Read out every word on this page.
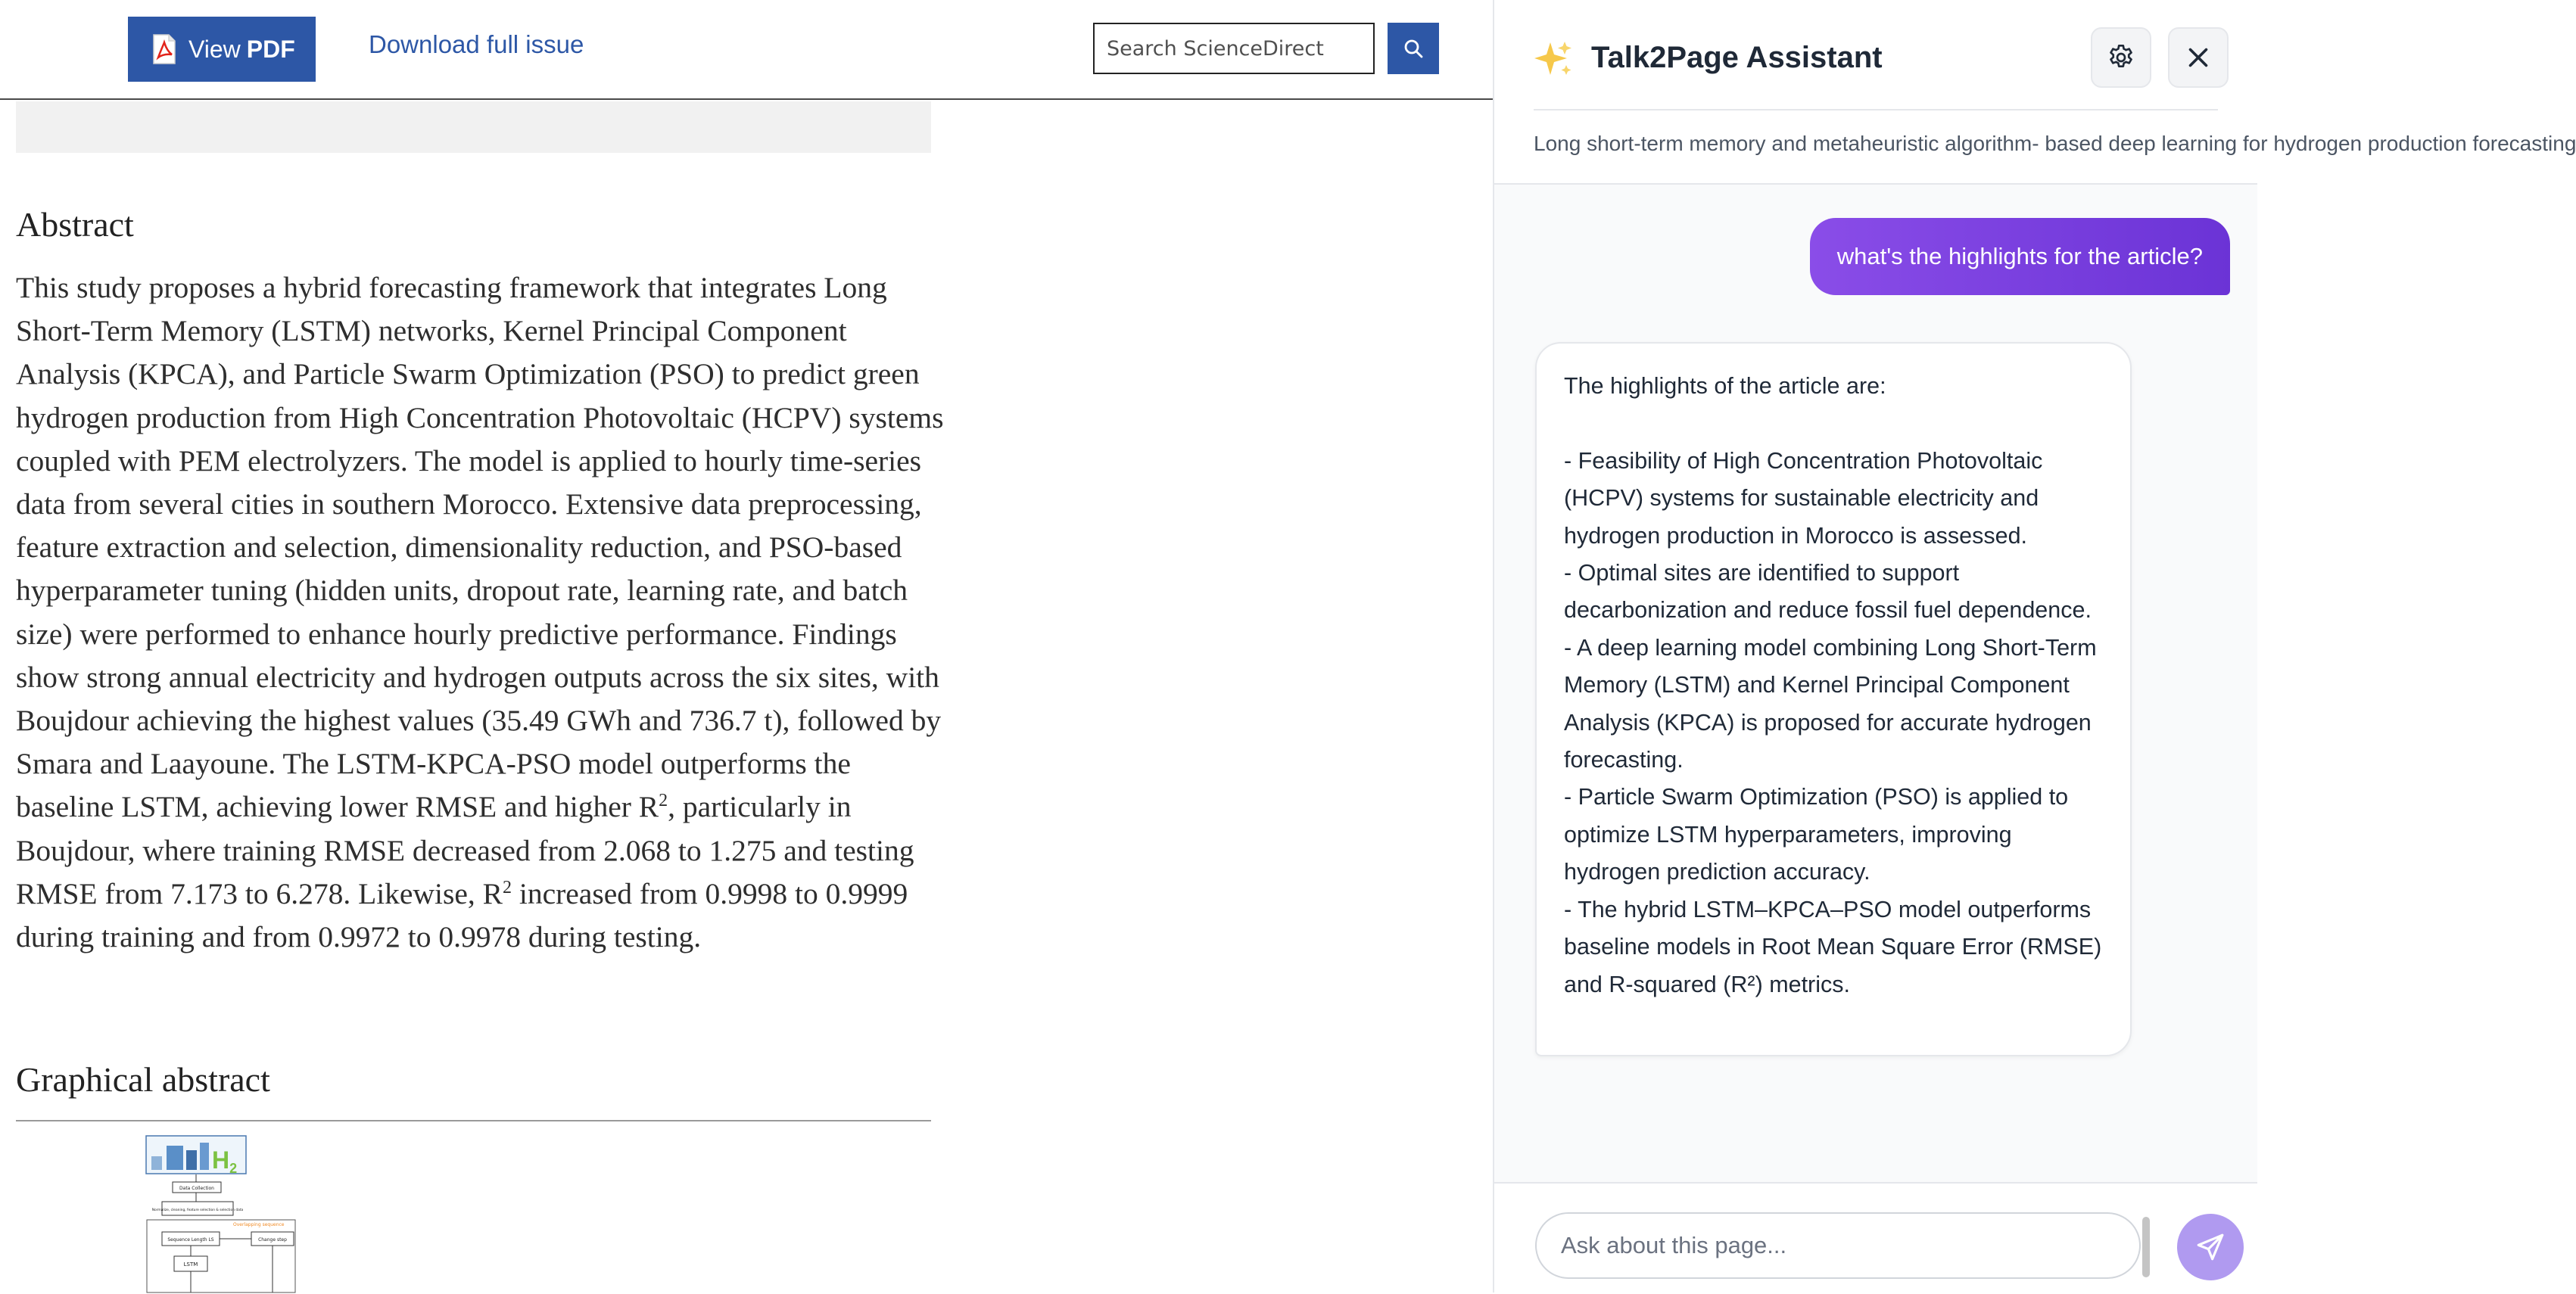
View PDF	Download full issue
Search ScienceDirect
Abstract

This study proposes a hybrid forecasting framework that integrates Long Short-Term Memory (LSTM) networks, Kernel Principal Component Analysis (KPCA), and Particle Swarm Optimization (PSO) to predict green hydrogen production from High Concentration Photovoltaic (HCPV) systems coupled with PEM electrolyzers. The model is applied to hourly time-series data from several cities in southern Morocco. Extensive data preprocessing, feature extraction and selection, dimensionality reduction, and PSO-based hyperparameter tuning (hidden units, dropout rate, learning rate, and batch size) were performed to enhance hourly predictive performance. Findings show strong annual electricity and hydrogen outputs across the six sites, with Boujdour achieving the highest values (35.49 GWh and 736.7 t), followed by Smara and Laayoune. The LSTM-KPCA-PSO model outperforms the baseline LSTM, achieving lower RMSE and higher $R^2$, particularly in Boujdour, where training RMSE decreased from 2.068 to 1.275 and testing RMSE from 7.173 to 6.278. Likewise, $R^2$ increased from 0.9998 to 0.9999 during training and from 0.9972 to 0.9978 during testing.

Graphical abstract
H2
Data Collection
Normalize, cleaning, feature selection & selection data
Overlapping sequence
Sequence Length LS	Change step
LSTM
Talk2Page Assistant
Long short-term memory and metaheuristic algorithm- based deep learning for hydrogen production forecasting
what's the highlights for the article?
The highlights of the article are:

- Feasibility of High Concentration Photovoltaic (HCPV) systems for sustainable electricity and hydrogen production in Morocco is assessed.
- Optimal sites are identified to support decarbonization and reduce fossil fuel dependence.
- A deep learning model combining Long Short-Term Memory (LSTM) and Kernel Principal Component Analysis (KPCA) is proposed for accurate hydrogen forecasting.
- Particle Swarm Optimization (PSO) is applied to optimize LSTM hyperparameters, improving hydrogen prediction accuracy.
- The hybrid LSTM–KPCA–PSO model outperforms baseline models in Root Mean Square Error (RMSE) and R-squared (R²) metrics.
Ask about this page...
